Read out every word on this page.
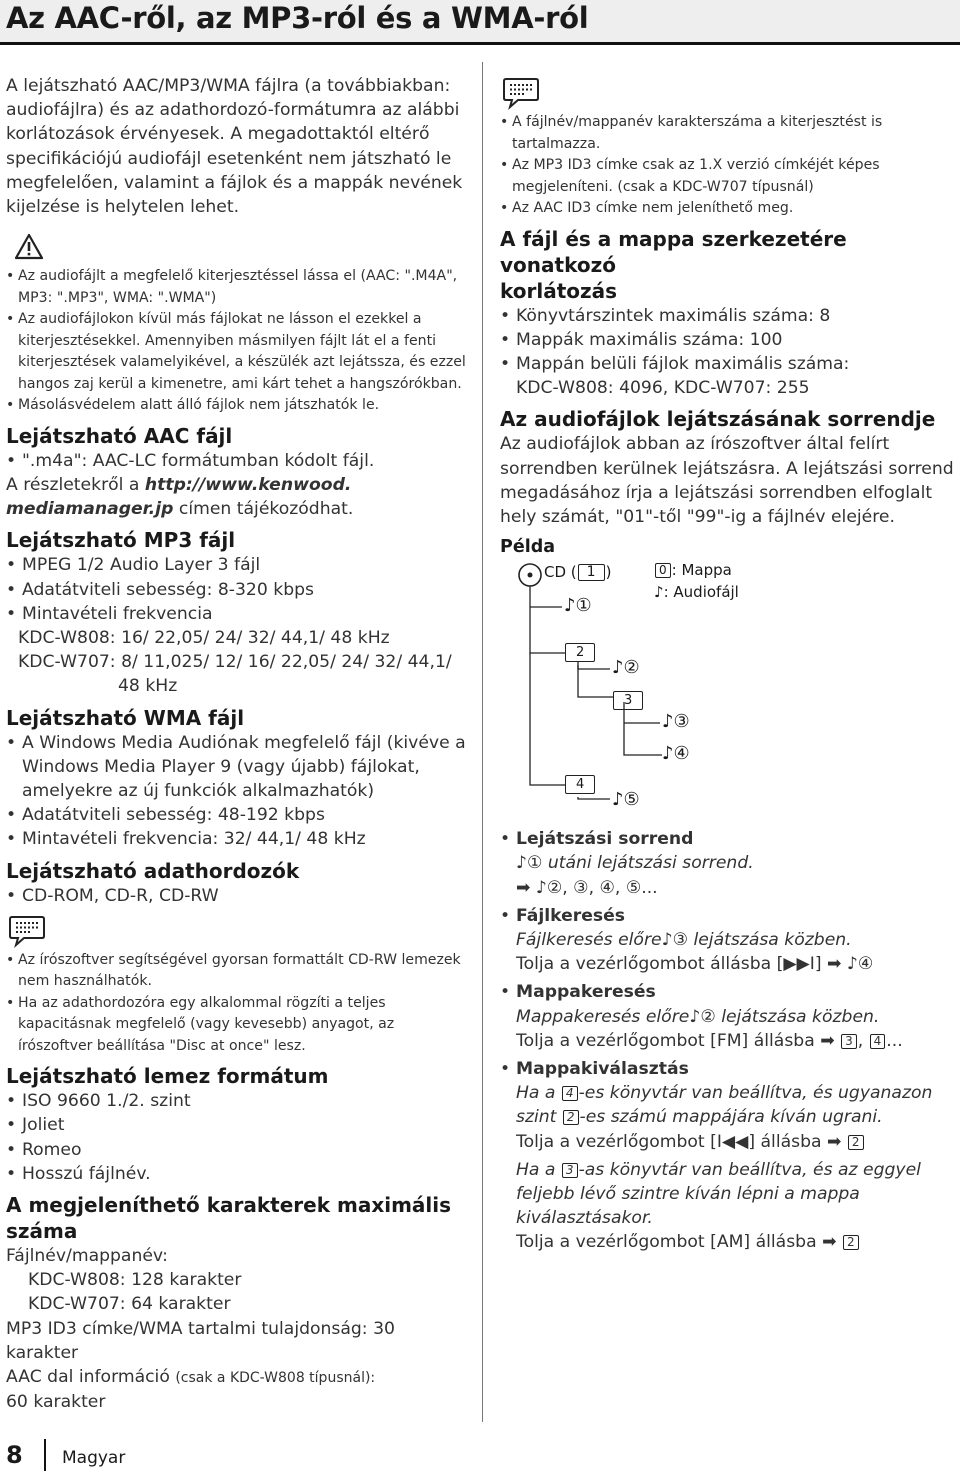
Az AAC-ről, az MP3-ról és a WMA-ról

A lejátszható AAC/MP3/WMA fájlra (a továbbiakban: audiofájlra) és az adathordozó-formátumra az alábbi korlátozások érvényesek. A megadottaktól eltérő specifikációjú audiofájl esetenként nem játszható le megfelelően, valamint a fájlok és a mappák nevének kijelzése is helytelen lehet.

• Az audiofájlt a megfelelő kiterjesztéssel lássa el (AAC: ".M4A", MP3: ".MP3", WMA: ".WMA")
• Az audiofájlokon kívül más fájlokat ne lásson el ezekkel a kiterjesztésekkel. Amennyiben másmilyen fájlt lát el a fenti kiterjesztések valamelyikével, a készülék azt lejátssza, és ezzel hangos zaj kerül a kimenetre, ami kárt tehet a hangszórókban.
• Másolásvédelem alatt álló fájlok nem játszhatók le.
Lejátszható AAC fájl
• ".m4a": AAC-LC formátumban kódolt fájl.

A részletekről a http://www.kenwood.
mediamanager.jp címen tájékozódhat.

Lejátszható MP3 fájl
• MPEG 1/2 Audio Layer 3 fájl
• Adatátviteli sebesség: 8-320 kbps
• Mintavételi frekvencia

KDC-W808: 16/ 22,05/ 24/ 32/ 44,1/ 48 kHz

KDC-W707: 8/ 11,025/ 12/ 16/ 22,05/ 24/ 32/ 44,1/

48 kHz

Lejátszható WMA fájl
• A Windows Media Audiónak megfelelő fájl (kivéve a Windows Media Player 9 (vagy újabb) fájlokat, amelyekre az új funkciók alkalmazhatók)
• Adatátviteli sebesség: 48-192 kbps
• Mintavételi frekvencia: 32/ 44,1/ 48 kHz
Lejátszható adathordozók
• CD-ROM, CD-R, CD-RW
• Az írószoftver segítségével gyorsan formattált CD-RW lemezek nem használhatók.
• Ha az adathordozóra egy alkalommal rögzíti a teljes kapacitásnak megfelelő (vagy kevesebb) anyagot, az írószoftver beállítása "Disc at once" lesz.
Lejátszható lemez formátum
• ISO 9660 1./2. szint
• Joliet
• Romeo
• Hosszú fájlnév.
A megjeleníthető karakterek maximális
száma

Fájlnév/mappanév:

KDC-W808: 128 karakter

KDC-W707: 64 karakter

MP3 ID3 címke/WMA tartalmi tulajdonság: 30 karakter

AAC dal információ (csak a KDC-W808 típusnál):

60 karakter

• A fájlnév/mappanév karakterszáma a kiterjesztést is tartalmazza.
• Az MP3 ID3 címke csak az 1.X verzió címkéjét képes megjeleníteni. (csak a KDC-W707 típusnál)
• Az AAC ID3 címke nem jeleníthető meg.
A fájl és a mappa szerkezetére vonatkozó
korlátozás
• Könyvtárszintek maximális száma: 8
• Mappák maximális száma: 100
• Mappán belüli fájlok maximális száma:

KDC-W808: 4096, KDC-W707: 255

Az audiofájlok lejátszásának sorrendje

Az audiofájlok abban az írószoftver által felírt sorrendben kerülnek lejátszásra. A lejátszási sorrend megadásához írja a lejátszási sorrendben elfoglalt hely számát, "01"-től "99"-ig a fájlnév elejére.

Példa
CD ( 1 )
♪①
2
♪②
3
♪③
♪④
4
♪⑤
0 : Mappa
♪: Audiofájl
• Lejátszási sorrend
♪① utáni lejátszási sorrend.
➡ ♪②, ③, ④, ⑤...
• Fájlkeresés
Fájlkeresés előre♪③ lejátszása közben.
Tolja a vezérlőgombot állásba [▶▶I] ➡ ♪④
• Mappakeresés
Mappakeresés előre♪② lejátszása közben.
Tolja a vezérlőgombot [FM] állásba ➡ 3 , 4 ...
• Mappakiválasztás
Ha a 4 -es könyvtár van beállítva, és ugyanazon
szint 2 -es számú mappájára kíván ugrani.
Tolja a vezérlőgombot [I◀◀] állásba ➡ 2
Ha a 3 -as könyvtár van beállítva, és az eggyel
feljebb lévő szintre kíván lépni a mappa
kiválasztásakor.
Tolja a vezérlőgombot [AM] állásba ➡ 2
8 Magyar
